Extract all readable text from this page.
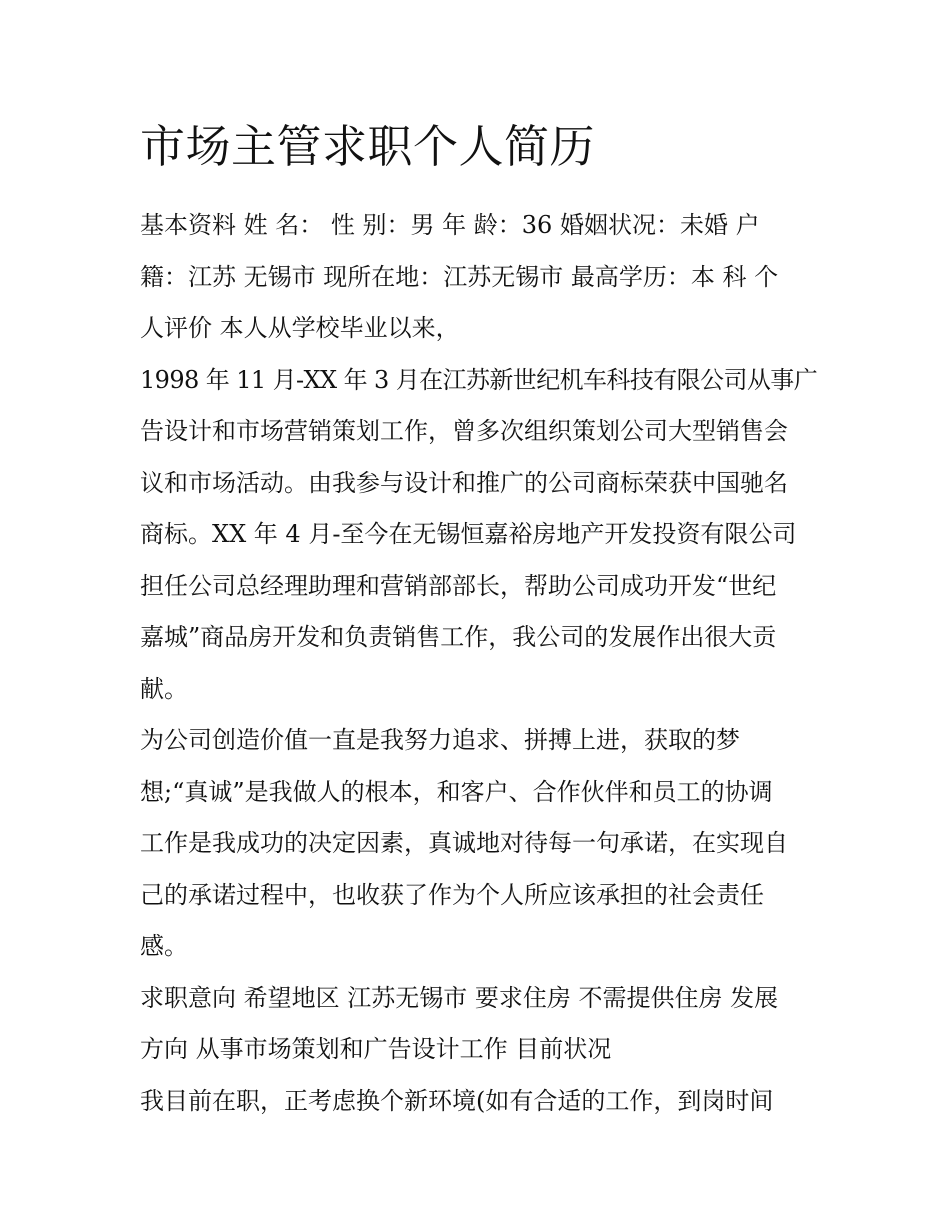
市场主管求职个人简历

基本资料 姓 名： 性 别：男 年 龄：36 婚姻状况：未婚 户
籍：江苏 无锡市 现所在地：江苏无锡市 最高学历：本 科 个
人评价 本人从学校毕业以来，

1998 年 11 月-XX 年 3 月在江苏新世纪机车科技有限公司从事广
告设计和市场营销策划工作，曾多次组织策划公司大型销售会
议和市场活动。由我参与设计和推广的公司商标荣获中国驰名
商标。XX 年 4 月-至今在无锡恒嘉裕房地产开发投资有限公司
担任公司总经理助理和营销部部长，帮助公司成功开发“世纪
嘉城”商品房开发和负责销售工作，我公司的发展作出很大贡
献。

为公司创造价值一直是我努力追求、拼搏上进，获取的梦
想;“真诚”是我做人的根本，和客户、合作伙伴和员工的协调
工作是我成功的决定因素，真诚地对待每一句承诺，在实现自
己的承诺过程中，也收获了作为个人所应该承担的社会责任
感。

求职意向 希望地区 江苏无锡市 要求住房 不需提供住房 发展
方向 从事市场策划和广告设计工作 目前状况

我目前在职，正考虑换个新环境(如有合适的工作，到岗时间
